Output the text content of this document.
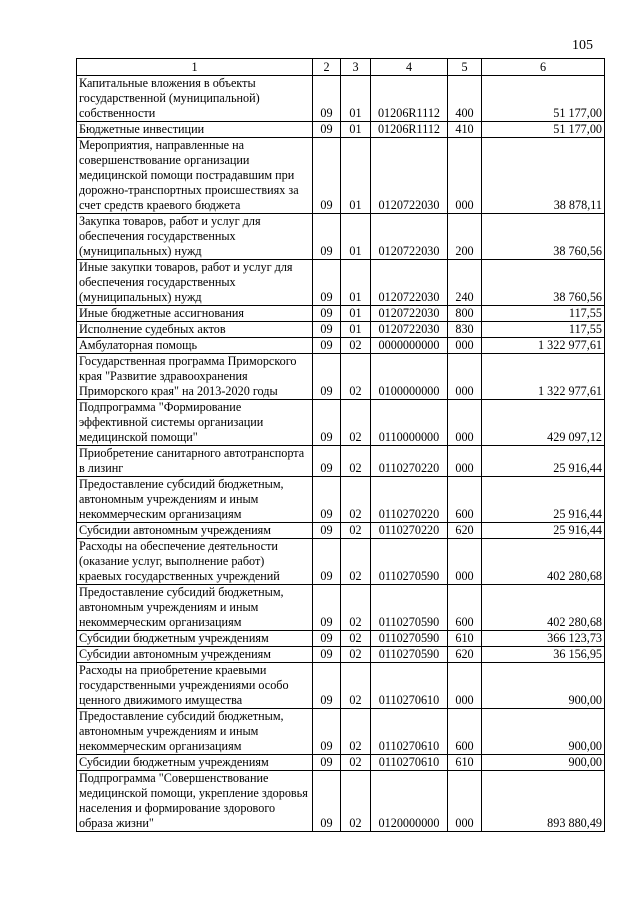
105
1	2	3	4	5	6
Капитальные вложения в объекты государственной (муниципальной) собственности	09	01	01206R1112	400	51 177,00
Бюджетные инвестиции	09	01	01206R1112	410	51 177,00
Мероприятия, направленные на совершенствование организации медицинской помощи пострадавшим при дорожно-транспортных происшествиях за счет средств краевого бюджета	09	01	0120722030	000	38 878,11
Закупка товаров, работ и услуг для обеспечения государственных (муниципальных) нужд	09	01	0120722030	200	38 760,56
Иные закупки товаров, работ и услуг для обеспечения государственных (муниципальных) нужд	09	01	0120722030	240	38 760,56
Иные бюджетные ассигнования	09	01	0120722030	800	117,55
Исполнение судебных актов	09	01	0120722030	830	117,55
Амбулаторная помощь	09	02	0000000000	000	1 322 977,61
Государственная программа Приморского края "Развитие здравоохранения Приморского края" на 2013-2020 годы	09	02	0100000000	000	1 322 977,61
Подпрограмма "Формирование эффективной системы организации медицинской помощи"	09	02	0110000000	000	429 097,12
Приобретение санитарного автотранспорта в лизинг	09	02	0110270220	000	25 916,44
Предоставление субсидий бюджетным, автономным учреждениям и иным некоммерческим организациям	09	02	0110270220	600	25 916,44
Субсидии автономным учреждениям	09	02	0110270220	620	25 916,44
Расходы на обеспечение деятельности (оказание услуг, выполнение работ) краевых государственных учреждений	09	02	0110270590	000	402 280,68
Предоставление субсидий бюджетным, автономным учреждениям и иным некоммерческим организациям	09	02	0110270590	600	402 280,68
Субсидии бюджетным учреждениям	09	02	0110270590	610	366 123,73
Субсидии автономным учреждениям	09	02	0110270590	620	36 156,95
Расходы на приобретение краевыми государственными учреждениями особо ценного движимого имущества	09	02	0110270610	000	900,00
Предоставление субсидий бюджетным, автономным учреждениям и иным некоммерческим организациям	09	02	0110270610	600	900,00
Субсидии бюджетным учреждениям	09	02	0110270610	610	900,00
Подпрограмма "Совершенствование медицинской помощи, укрепление здоровья населения и формирование здорового образа жизни"	09	02	0120000000	000	893 880,49
